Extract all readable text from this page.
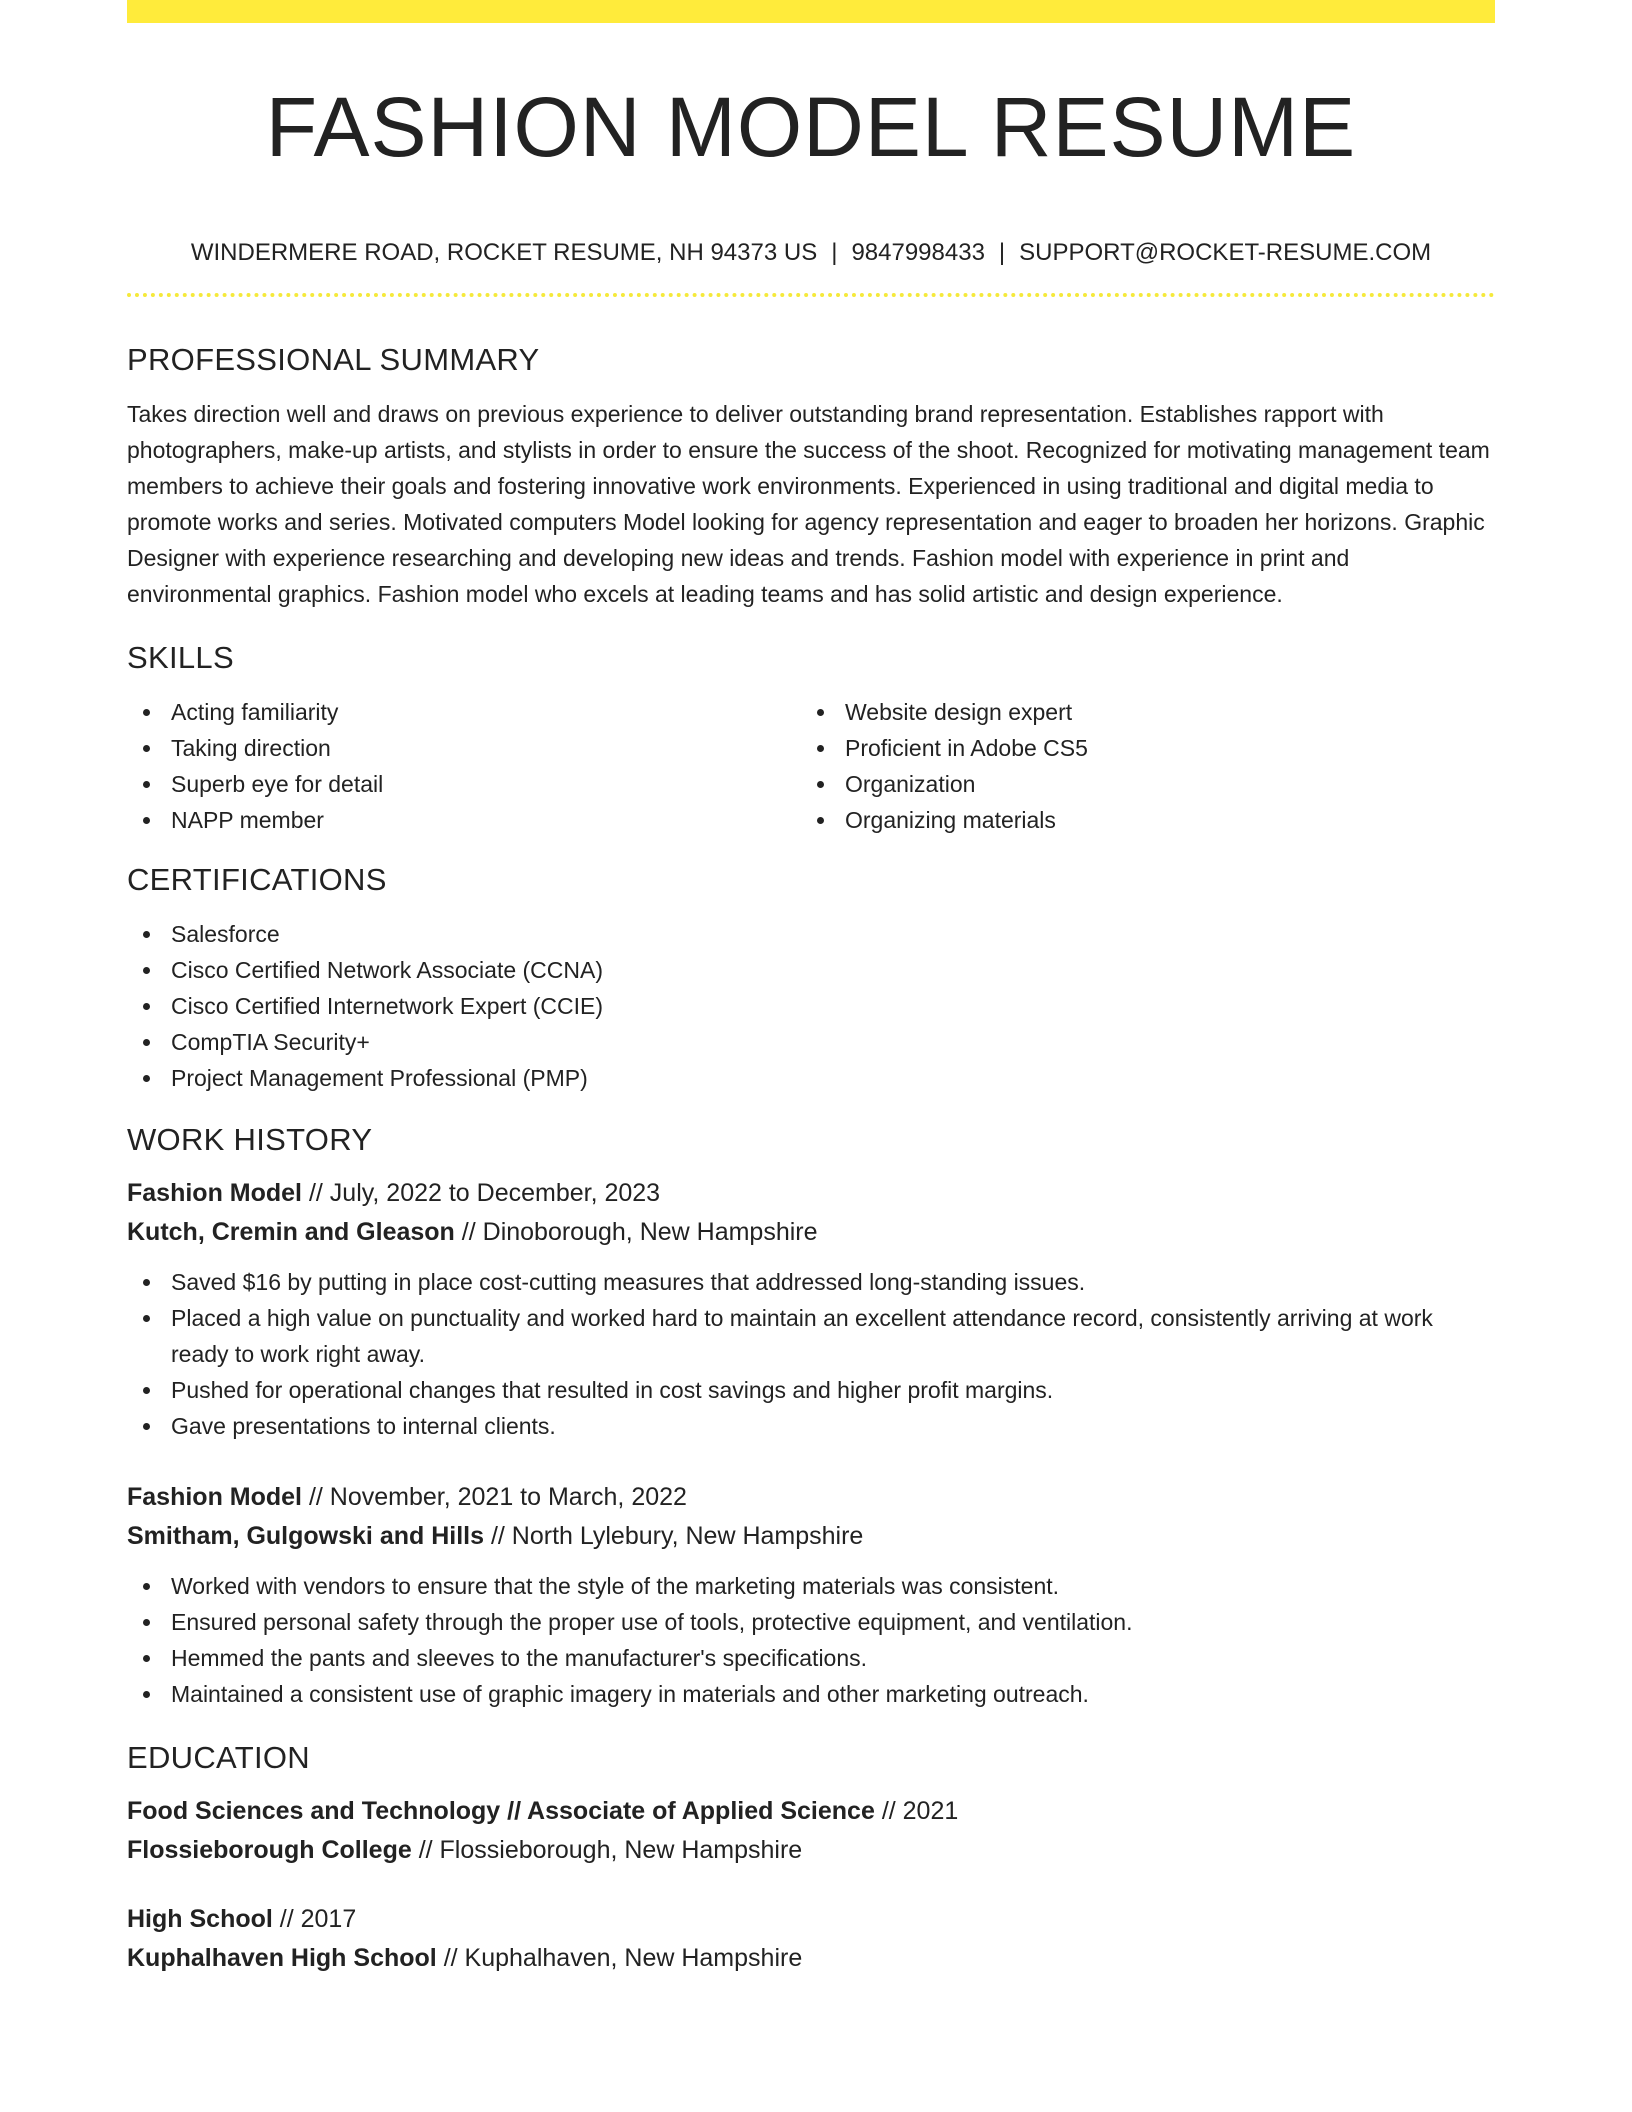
FASHION MODEL RESUME
WINDERMERE ROAD, ROCKET RESUME, NH 94373 US | 9847998433 | SUPPORT@ROCKET-RESUME.COM
PROFESSIONAL SUMMARY

Takes direction well and draws on previous experience to deliver outstanding brand representation. Establishes rapport with photographers, make-up artists, and stylists in order to ensure the success of the shoot. Recognized for motivating management team members to achieve their goals and fostering innovative work environments. Experienced in using traditional and digital media to promote works and series. Motivated computers Model looking for agency representation and eager to broaden her horizons. Graphic Designer with experience researching and developing new ideas and trends. Fashion model with experience in print and environmental graphics. Fashion model who excels at leading teams and has solid artistic and design experience.

SKILLS
Acting familiarity
Taking direction
Superb eye for detail
NAPP member
Website design expert
Proficient in Adobe CS5
Organization
Organizing materials
CERTIFICATIONS
Salesforce
Cisco Certified Network Associate (CCNA)
Cisco Certified Internetwork Expert (CCIE)
CompTIA Security+
Project Management Professional (PMP)
WORK HISTORY
Fashion Model // July, 2022 to December, 2023
Kutch, Cremin and Gleason // Dinoborough, New Hampshire
Saved $16 by putting in place cost-cutting measures that addressed long-standing issues.
Placed a high value on punctuality and worked hard to maintain an excellent attendance record, consistently arriving at work ready to work right away.
Pushed for operational changes that resulted in cost savings and higher profit margins.
Gave presentations to internal clients.
Fashion Model // November, 2021 to March, 2022
Smitham, Gulgowski and Hills // North Lylebury, New Hampshire
Worked with vendors to ensure that the style of the marketing materials was consistent.
Ensured personal safety through the proper use of tools, protective equipment, and ventilation.
Hemmed the pants and sleeves to the manufacturer's specifications.
Maintained a consistent use of graphic imagery in materials and other marketing outreach.
EDUCATION
Food Sciences and Technology // Associate of Applied Science // 2021
Flossieborough College // Flossieborough, New Hampshire
High School // 2017
Kuphalhaven High School // Kuphalhaven, New Hampshire
